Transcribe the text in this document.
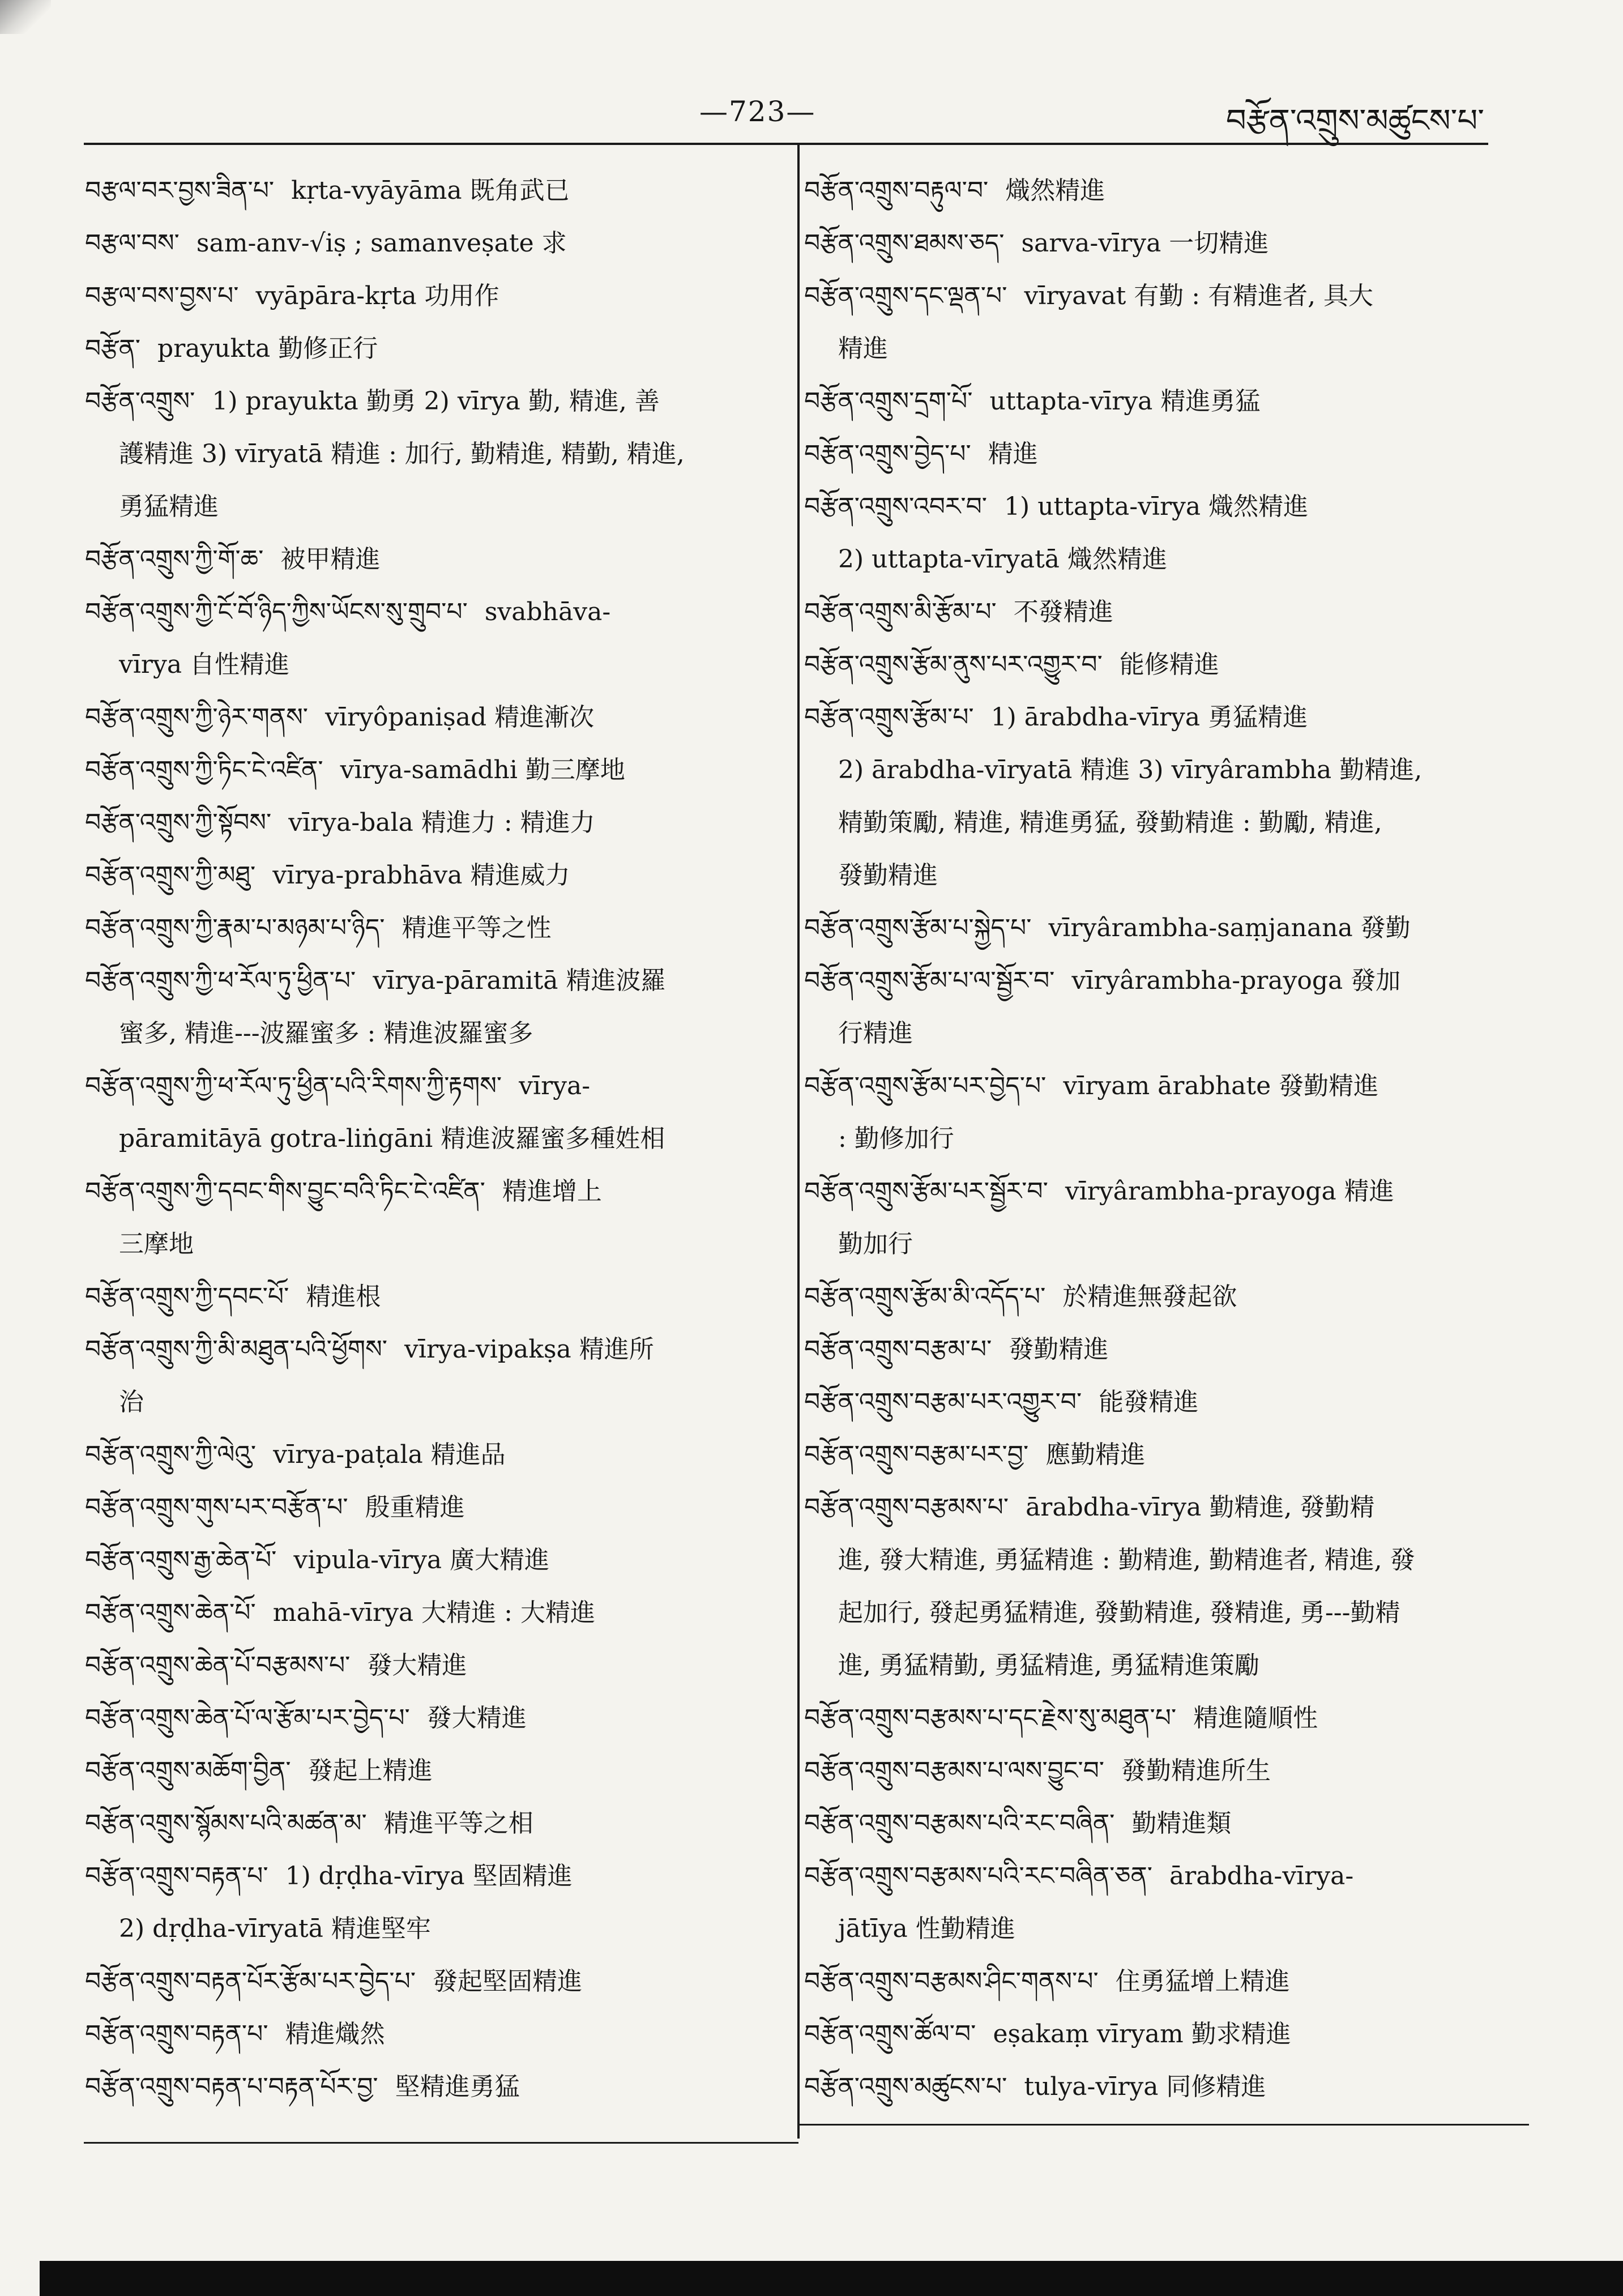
—723—	བརྩོན་འགྲུས་མཚུངས་པ་
བརྩལ་བར་བྱས་ཟིན་པ་ kṛta-vyāyāma 既角武已
བརྩལ་བས་ sam-anv-√iṣ ; samanveṣate 求
བརྩལ་བས་བྱས་པ་ vyāpāra-kṛta 功用作
བརྩོན་ prayukta 勤修正行
བརྩོན་འགྲུས་ 1) prayukta 勤勇 2) vīrya 勤, 精進, 善
護精進 3) vīryatā 精進 : 加行, 勤精進, 精勤, 精進,
勇猛精進
བརྩོན་འགྲུས་ཀྱི་གོ་ཆ་ 被甲精進
བརྩོན་འགྲུས་ཀྱི་ངོ་བོ་ཉིད་ཀྱིས་ཡོངས་སུ་གྲུབ་པ་ svabhāva-
vīrya 自性精進
བརྩོན་འགྲུས་ཀྱི་ཉེར་གནས་ vīryôpaniṣad 精進漸次
བརྩོན་འགྲུས་ཀྱི་ཏིང་ངེ་འཛིན་ vīrya-samādhi 勤三摩地
བརྩོན་འགྲུས་ཀྱི་སྟོབས་ vīrya-bala 精進力 : 精進力
བརྩོན་འགྲུས་ཀྱི་མཐུ་ vīrya-prabhāva 精進威力
བརྩོན་འགྲུས་ཀྱི་རྣམ་པ་མཉམ་པ་ཉིད་ 精進平等之性
བརྩོན་འགྲུས་ཀྱི་ཕ་རོལ་ཏུ་ཕྱིན་པ་ vīrya-pāramitā 精進波羅
蜜多, 精進---波羅蜜多 : 精進波羅蜜多
བརྩོན་འགྲུས་ཀྱི་ཕ་རོལ་ཏུ་ཕྱིན་པའི་རིགས་ཀྱི་རྟགས་ vīrya-
pāramitāyā gotra-liṅgāni 精進波羅蜜多種姓相
བརྩོན་འགྲུས་ཀྱི་དབང་གིས་བྱུང་བའི་ཏིང་ངེ་འཛིན་ 精進增上
三摩地
བརྩོན་འགྲུས་ཀྱི་དབང་པོ་ 精進根
བརྩོན་འགྲུས་ཀྱི་མི་མཐུན་པའི་ཕྱོགས་ vīrya-vipakṣa 精進所
治
བརྩོན་འགྲུས་ཀྱི་ལེའུ་ vīrya-paṭala 精進品
བརྩོན་འགྲུས་གུས་པར་བརྩོན་པ་ 殷重精進
བརྩོན་འགྲུས་རྒྱ་ཆེན་པོ་ vipula-vīrya 廣大精進
བརྩོན་འགྲུས་ཆེན་པོ་ mahā-vīrya 大精進 : 大精進
བརྩོན་འགྲུས་ཆེན་པོ་བརྩམས་པ་ 發大精進
བརྩོན་འགྲུས་ཆེན་པོ་ལ་རྩོམ་པར་བྱེད་པ་ 發大精進
བརྩོན་འགྲུས་མཆོག་བྱིན་ 發起上精進
བརྩོན་འགྲུས་སྙོམས་པའི་མཚན་མ་ 精進平等之相
བརྩོན་འགྲུས་བརྟན་པ་ 1) dṛḍha-vīrya 堅固精進
2) dṛḍha-vīryatā 精進堅牢
བརྩོན་འགྲུས་བརྟན་པོར་རྩོམ་པར་བྱེད་པ་ 發起堅固精進
བརྩོན་འགྲུས་བརྟན་པ་ 精進熾然
བརྩོན་འགྲུས་བརྟན་པ་བརྟན་པོར་བྱ་ 堅精進勇猛
བརྩོན་འགྲུས་བརྟུལ་བ་ 熾然精進
བརྩོན་འགྲུས་ཐམས་ཅད་ sarva-vīrya 一切精進
བརྩོན་འགྲུས་དང་ལྡན་པ་ vīryavat 有勤 : 有精進者, 具大
精進
བརྩོན་འགྲུས་དྲག་པོ་ uttapta-vīrya 精進勇猛
བརྩོན་འགྲུས་བྱེད་པ་ 精進
བརྩོན་འགྲུས་འབར་བ་ 1) uttapta-vīrya 熾然精進
2) uttapta-vīryatā 熾然精進
བརྩོན་འགྲུས་མི་རྩོམ་པ་ 不發精進
བརྩོན་འགྲུས་རྩོམ་ནུས་པར་འགྱུར་བ་ 能修精進
བརྩོན་འགྲུས་རྩོམ་པ་ 1) ārabdha-vīrya 勇猛精進
2) ārabdha-vīryatā 精進 3) vīryârambha 勤精進,
精勤策勵, 精進, 精進勇猛, 發勤精進 : 勤勵, 精進,
發勤精進
བརྩོན་འགྲུས་རྩོམ་པ་སྐྱེད་པ་ vīryârambha-saṃjanana 發勤
བརྩོན་འགྲུས་རྩོམ་པ་ལ་སྦྱོར་བ་ vīryârambha-prayoga 發加
行精進
བརྩོན་འགྲུས་རྩོམ་པར་བྱེད་པ་ vīryam ārabhate 發勤精進
: 勤修加行
བརྩོན་འགྲུས་རྩོམ་པར་སྦྱོར་བ་ vīryârambha-prayoga 精進
勤加行
བརྩོན་འགྲུས་རྩོམ་མི་འདོད་པ་ 於精進無發起欲
བརྩོན་འགྲུས་བརྩམ་པ་ 發勤精進
བརྩོན་འགྲུས་བརྩམ་པར་འགྱུར་བ་ 能發精進
བརྩོན་འགྲུས་བརྩམ་པར་བྱ་ 應勤精進
བརྩོན་འགྲུས་བརྩམས་པ་ ārabdha-vīrya 勤精進, 發勤精
進, 發大精進, 勇猛精進 : 勤精進, 勤精進者, 精進, 發
起加行, 發起勇猛精進, 發勤精進, 發精進, 勇---勤精
進, 勇猛精勤, 勇猛精進, 勇猛精進策勵
བརྩོན་འགྲུས་བརྩམས་པ་དང་རྗེས་སུ་མཐུན་པ་ 精進隨順性
བརྩོན་འགྲུས་བརྩམས་པ་ལས་བྱུང་བ་ 發勤精進所生
བརྩོན་འགྲུས་བརྩམས་པའི་རང་བཞིན་ 勤精進類
བརྩོན་འགྲུས་བརྩམས་པའི་རང་བཞིན་ཅན་ ārabdha-vīrya-
jātīya 性勤精進
བརྩོན་འགྲུས་བརྩམས་ཤིང་གནས་པ་ 住勇猛增上精進
བརྩོན་འགྲུས་ཚོལ་བ་ eṣakaṃ vīryam 勤求精進
བརྩོན་འགྲུས་མཚུངས་པ་ tulya-vīrya 同修精進
